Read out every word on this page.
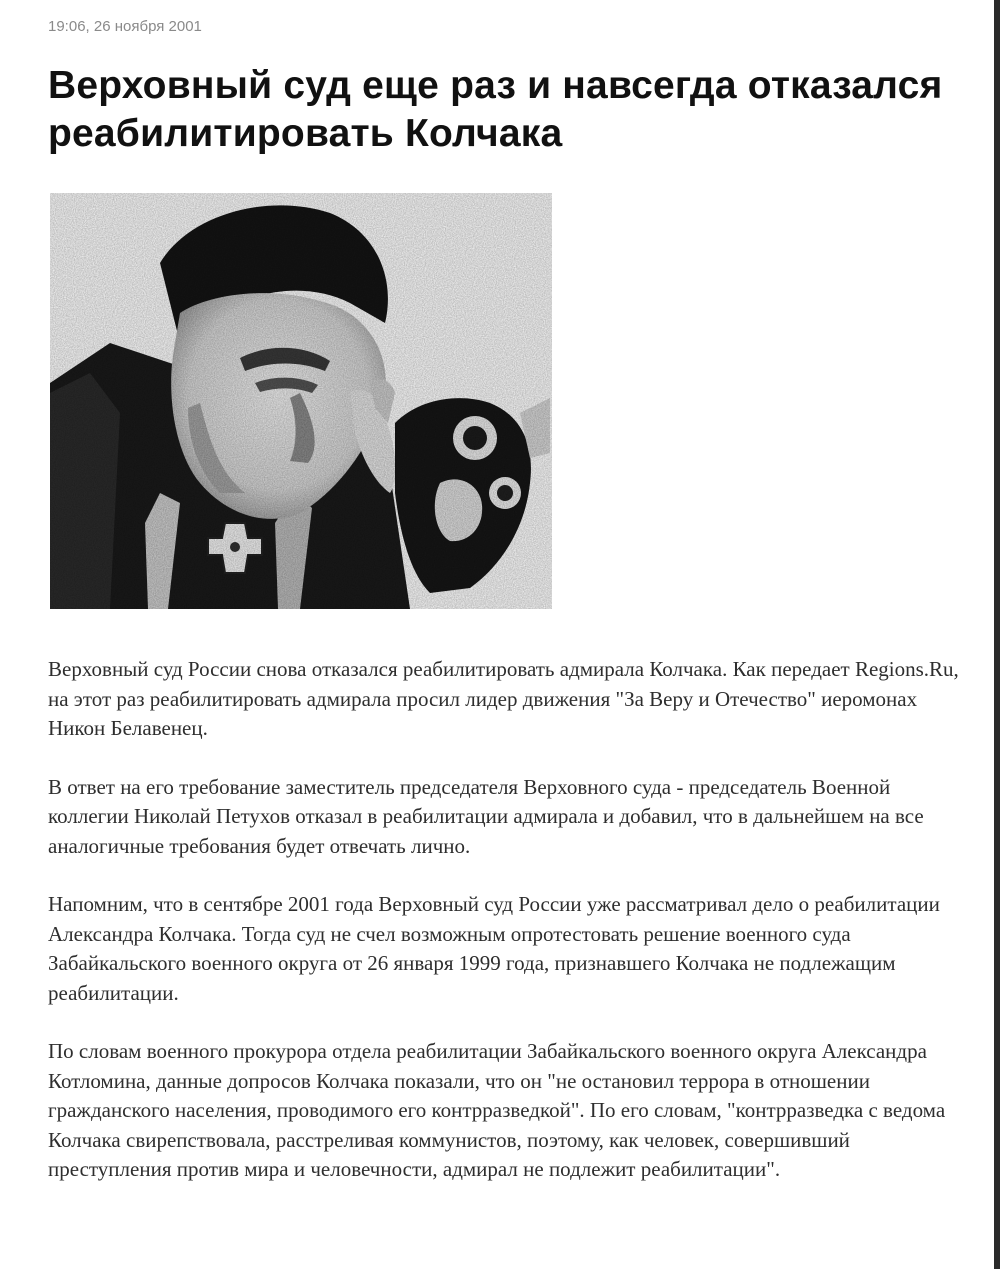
19:06, 26 ноября 2001
Верховный суд еще раз и навсегда отказался реабилитировать Колчака

Верховный суд России снова отказался реабилитировать адмирала Колчака. Как передает Regions.Ru, на этот раз реабилитировать адмирала просил лидер движения "За Веру и Отечество" иеромонах Никон Белавенец.

В ответ на его требование заместитель председателя Верховного суда - председатель Военной коллегии Николай Петухов отказал в реабилитации адмирала и добавил, что в дальнейшем на все аналогичные требования будет отвечать лично.

Напомним, что в сентябре 2001 года Верховный суд России уже рассматривал дело о реабилитации Александра Колчака. Тогда суд не счел возможным опротестовать решение военного суда Забайкальского военного округа от 26 января 1999 года, признавшего Колчака не подлежащим реабилитации.

По словам военного прокурора отдела реабилитации Забайкальского военного округа Александра Котломина, данные допросов Колчака показали, что он "не остановил террора в отношении гражданского населения, проводимого его контрразведкой". По его словам, "контрразведка с ведома Колчака свирепствовала, расстреливая коммунистов, поэтому, как человек, совершивший преступления против мира и человечности, адмирал не подлежит реабилитации".
